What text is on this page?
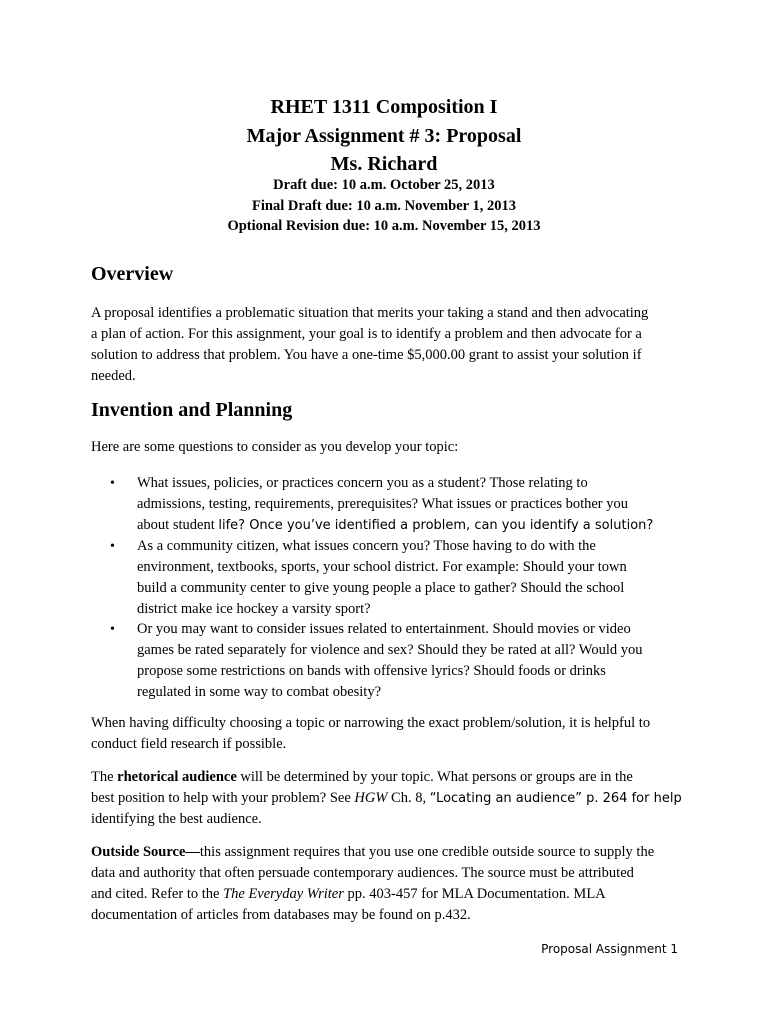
RHET 1311 Composition I
Major Assignment # 3: Proposal
Ms. Richard
Draft due: 10 a.m. October 25, 2013
Final Draft due: 10 a.m. November 1, 2013
Optional Revision due: 10 a.m. November 15, 2013
Overview
A proposal identifies a problematic situation that merits your taking a stand and then advocating
a plan of action. For this assignment, your goal is to identify a problem and then advocate for a
solution to address that problem. You have a one-time $5,000.00 grant to assist your solution if
needed.
Invention and Planning
Here are some questions to consider as you develop your topic:
• What issues, policies, or practices concern you as a student? Those relating to
admissions, testing, requirements, prerequisites? What issues or practices bother you
about student life? Once you’ve identified a problem, can you identify a solution?
• As a community citizen, what issues concern you? Those having to do with the
environment, textbooks, sports, your school district. For example: Should your town
build a community center to give young people a place to gather? Should the school
district make ice hockey a varsity sport?
• Or you may want to consider issues related to entertainment. Should movies or video
games be rated separately for violence and sex? Should they be rated at all? Would you
propose some restrictions on bands with offensive lyrics? Should foods or drinks
regulated in some way to combat obesity?
When having difficulty choosing a topic or narrowing the exact problem/solution, it is helpful to
conduct field research if possible.
The rhetorical audience will be determined by your topic. What persons or groups are in the
best position to help with your problem? See HGW Ch. 8, “Locating an audience” p. 264 for help
identifying the best audience.
Outside Source—this assignment requires that you use one credible outside source to supply the
data and authority that often persuade contemporary audiences. The source must be attributed
and cited. Refer to the The Everyday Writer pp. 403-457 for MLA Documentation. MLA
documentation of articles from databases may be found on p.432.
Proposal Assignment 1
